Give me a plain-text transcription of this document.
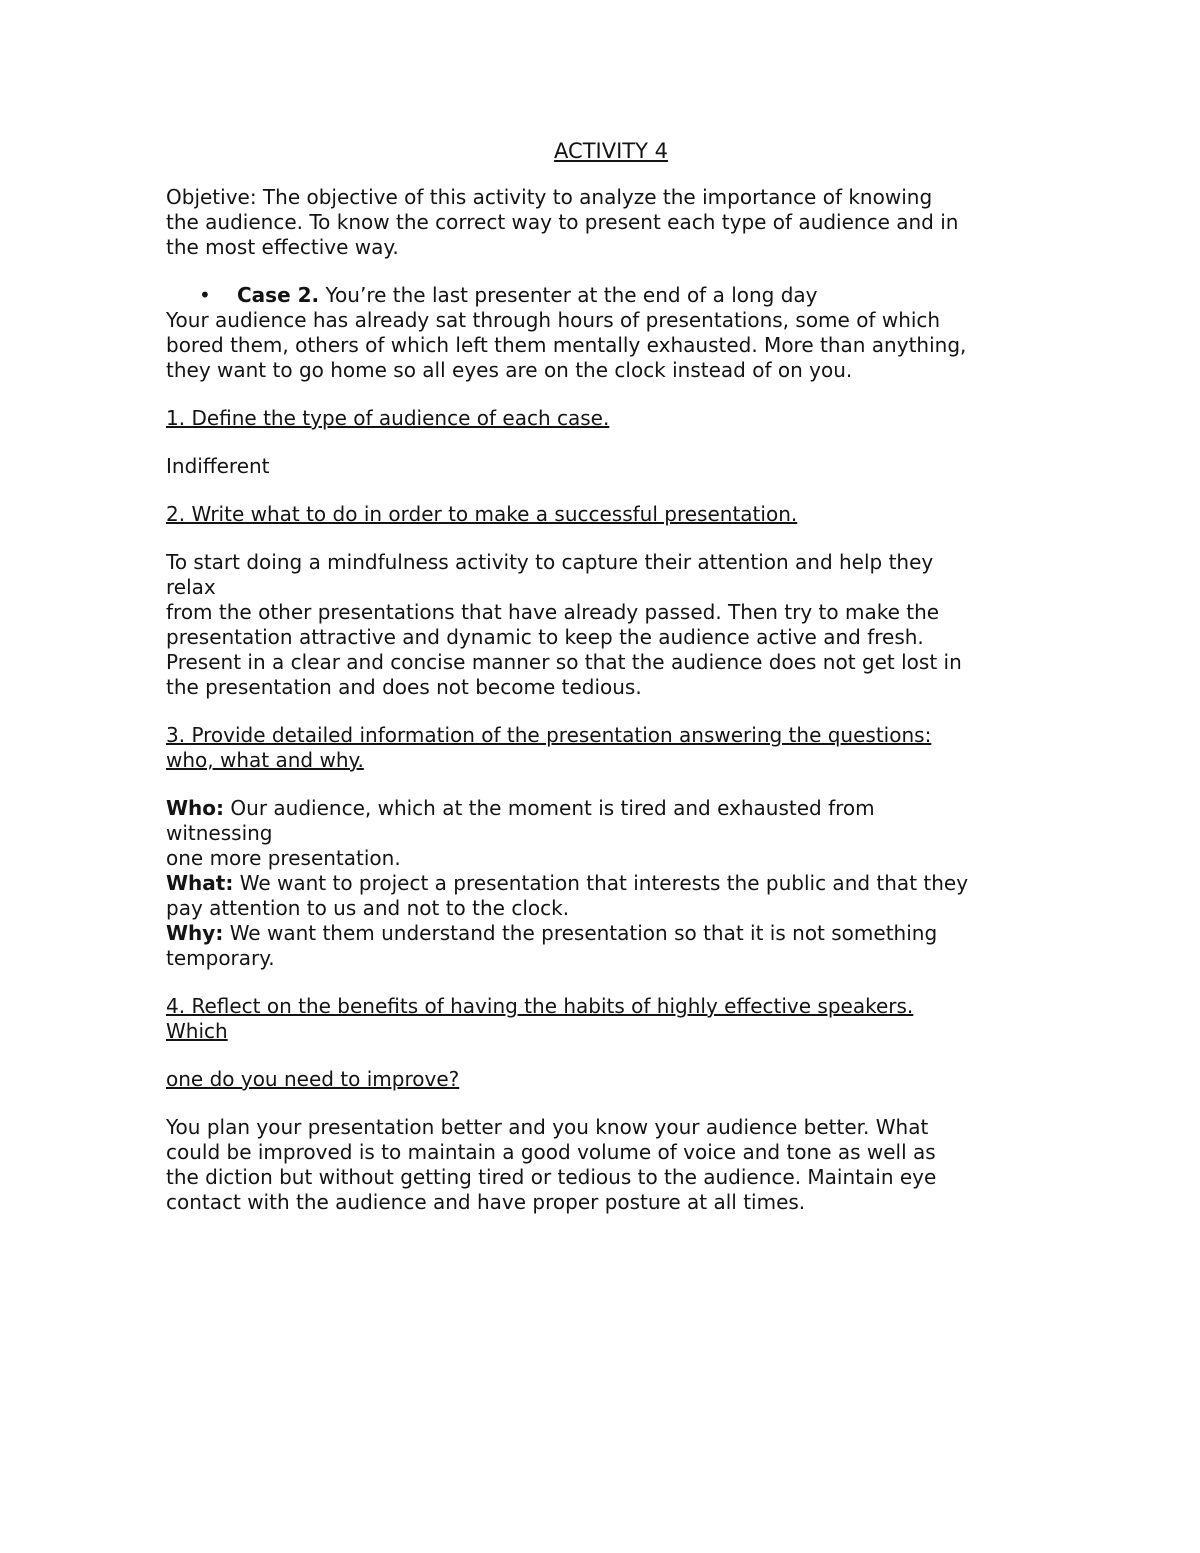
ACTIVITY 4

Objetive: The objective of this activity to analyze the importance of knowing
the audience. To know the correct way to present each type of audience and in
the most effective way.

• Case 2. You’re the last presenter at the end of a long day

Your audience has already sat through hours of presentations, some of which
bored them, others of which left them mentally exhausted. More than anything,
they want to go home so all eyes are on the clock instead of on you.

1. Define the type of audience of each case.

Indifferent

2. Write what to do in order to make a successful presentation.

To start doing a mindfulness activity to capture their attention and help they
relax
from the other presentations that have already passed. Then try to make the
presentation attractive and dynamic to keep the audience active and fresh.
Present in a clear and concise manner so that the audience does not get lost in
the presentation and does not become tedious.

3. Provide detailed information of the presentation answering the questions:
who, what and why.

Who: Our audience, which at the moment is tired and exhausted from
witnessing
one more presentation.
What: We want to project a presentation that interests the public and that they
pay attention to us and not to the clock.
Why: We want them understand the presentation so that it is not something
temporary.

4. Reflect on the benefits of having the habits of highly effective speakers.
Which

one do you need to improve?

You plan your presentation better and you know your audience better. What
could be improved is to maintain a good volume of voice and tone as well as
the diction but without getting tired or tedious to the audience. Maintain eye
contact with the audience and have proper posture at all times.
